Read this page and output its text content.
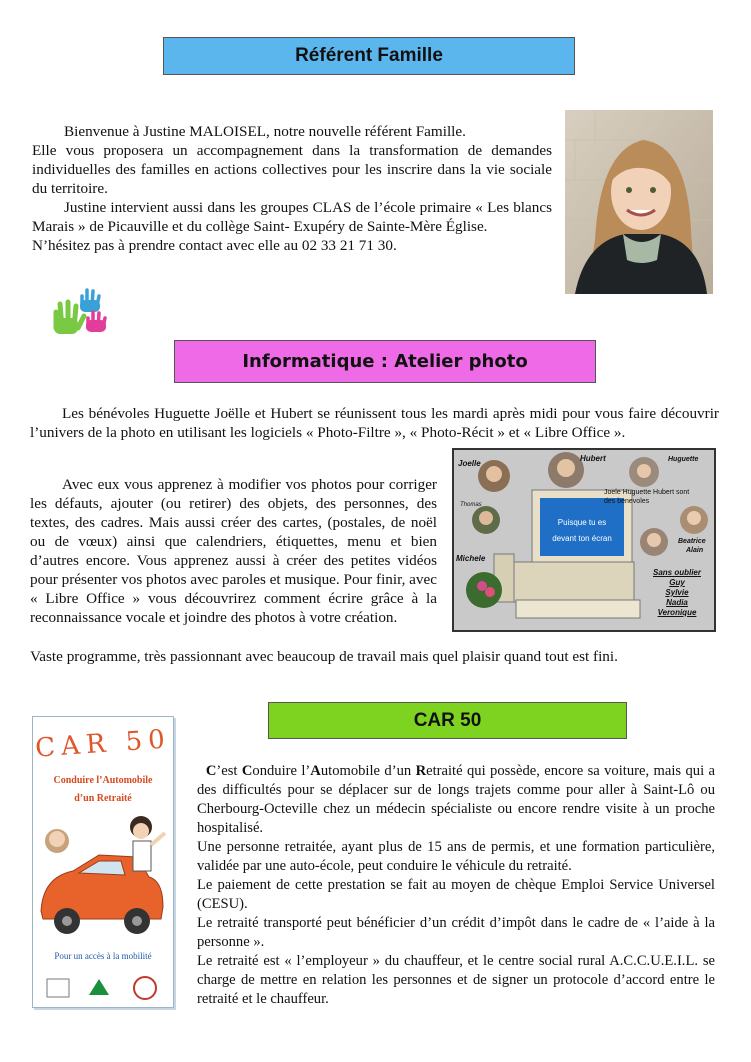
Référent Famille

Bienvenue à Justine MALOISEL, notre nouvelle référent Famille.

Elle vous proposera un accompagnement dans la transformation de demandes individuelles des familles en actions collectives pour les inscrire dans la vie sociale du territoire.

Justine intervient aussi dans les groupes CLAS de l’école primaire « Les blancs Marais » de Picauville et du collège Saint- Exupéry de Sainte-Mère Église.

N’hésitez pas à prendre contact avec elle au 02 33 21 71 30.

Informatique : Atelier photo

Les bénévoles Huguette Joëlle et Hubert se réunissent tous les mardi après midi pour vous faire découvrir l’univers de la photo en utilisant les logiciels « Photo-Filtre », « Photo-Récit » et « Libre Office ».

Avec eux vous apprenez à modifier vos photos pour corriger les défauts, ajouter (ou retirer) des objets, des personnes, des textes, des cadres. Mais aussi créer des cartes, (postales, de noël ou de vœux) ainsi que calendriers, étiquettes, menu et bien d’autres encore. Vous apprenez aussi à créer des petites vidéos pour présenter vos photos avec paroles et musique. Pour finir, avec « Libre Office » vous découvrirez comment écrire grâce à la reconnaissance vocale et joindre des photos à votre création.

Vaste programme, très passionnant avec beaucoup de travail mais quel plaisir quand tout est fini.

Joelle
Hubert	Huguette
Thomas
Michele
Beatrice
Alain
Joele Huguette Hubert sont des benevoles
Puisque tu es
devant ton écran
Sans oublier
Guy
Sylvie
Nadia
Veronique
CAR 50
CAR 50
Conduire l’Automobile
d’un Retraité
Pour un accès à la mobilité

C’est Conduire l’Automobile d’un Retraité qui possède, encore sa voiture, mais qui a des difficultés pour se déplacer sur de longs trajets comme pour aller à Saint-Lô ou Cherbourg-Octeville chez un médecin spécialiste ou encore rendre visite à un proche hospitalisé.

Une personne retraitée, ayant plus de 15 ans de permis, et une formation particulière, validée par une auto-école, peut conduire le véhicule du retraité.

Le paiement de cette prestation se fait au moyen de chèque Emploi Service Universel (CESU).

Le retraité transporté peut bénéficier d’un crédit d’impôt dans le cadre de « l’aide à la personne ».

Le retraité est « l’employeur » du chauffeur, et le centre social rural A.C.C.U.E.I.L. se charge de mettre en relation les personnes et de signer un protocole d’accord entre le retraité et le chauffeur.
